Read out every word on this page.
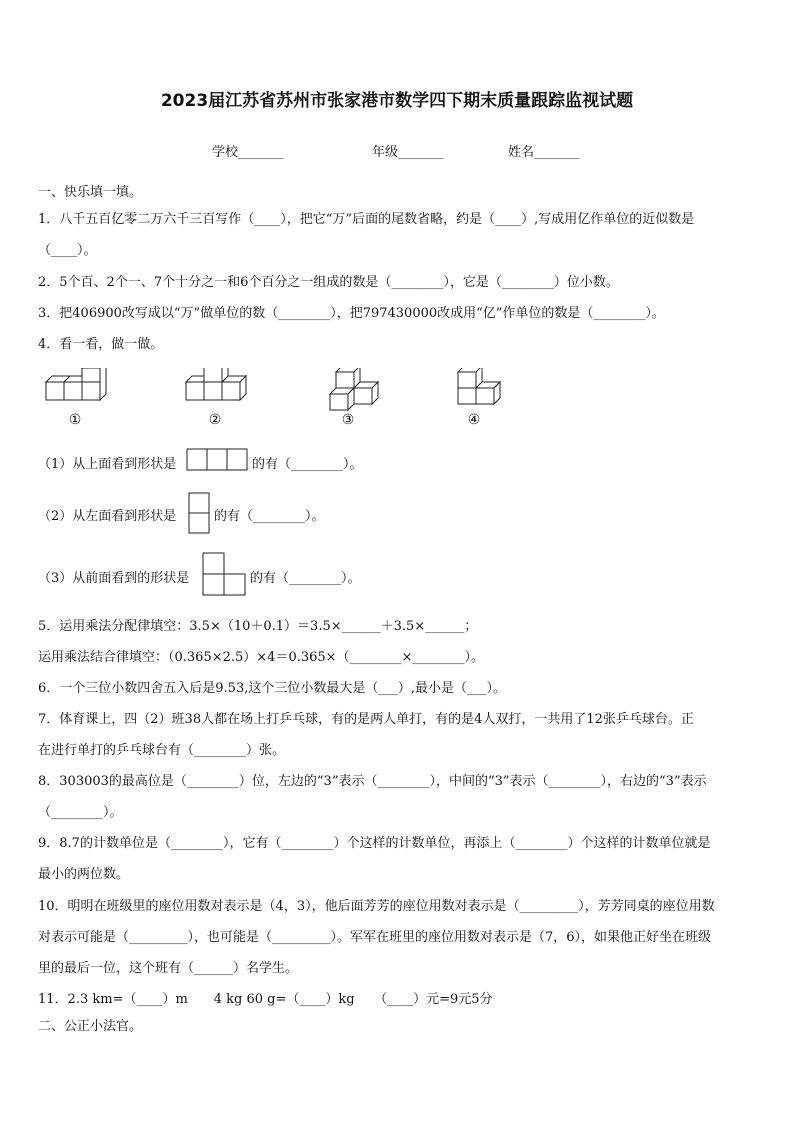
2023届江苏省苏州市张家港市数学四下期末质量跟踪监视试题
学校_______	年级_______	姓名_______
一、快乐填一填。
1．八千五百亿零二万六千三百写作（____），把它“万”后面的尾数省略，约是（____）,写成用亿作单位的近似数是
（____）。
2．5个百、2个一、7个十分之一和6个百分之一组成的数是（________），它是（________）位小数。
3．把406900改写成以“万”做单位的数（________），把797430000改成用“亿”作单位的数是（________）。
4．看一看，做一做。
①	②	③	④
（1）从上面看到形状是	的有（________）。
（2）从左面看到形状是	的有（________）。
（3）从前面看到的形状是	的有（________）。
5．运用乘法分配律填空：3.5×（10＋0.1）＝3.5×______＋3.5×______；
运用乘法结合律填空：（0.365×2.5）×4＝0.365×（________×________）。
6．一个三位小数四舍五入后是9.53,这个三位小数最大是（___）,最小是（___）。
7．体育课上，四（2）班38人都在场上打乒乓球，有的是两人单打，有的是4人双打，一共用了12张乒乓球台。正
在进行单打的乒乓球台有（________）张。
8．303003的最高位是（________）位，左边的“3”表示（________），中间的“3”表示（________），右边的“3”表示
（________）。
9．8.7的计数单位是（________），它有（________）个这样的计数单位，再添上（________）个这样的计数单位就是
最小的两位数。
10．明明在班级里的座位用数对表示是（4，3），他后面芳芳的座位用数对表示是（_________），芳芳同桌的座位用数
对表示可能是（_________），也可能是（_________）。军军在班里的座位用数对表示是（7，6），如果他正好坐在班级
里的最后一位，这个班有（______）名学生。
11．2.3 km=（____）m　　4 kg 60 g=（____）kg　　（____）元=9元5分
二、公正小法官。
